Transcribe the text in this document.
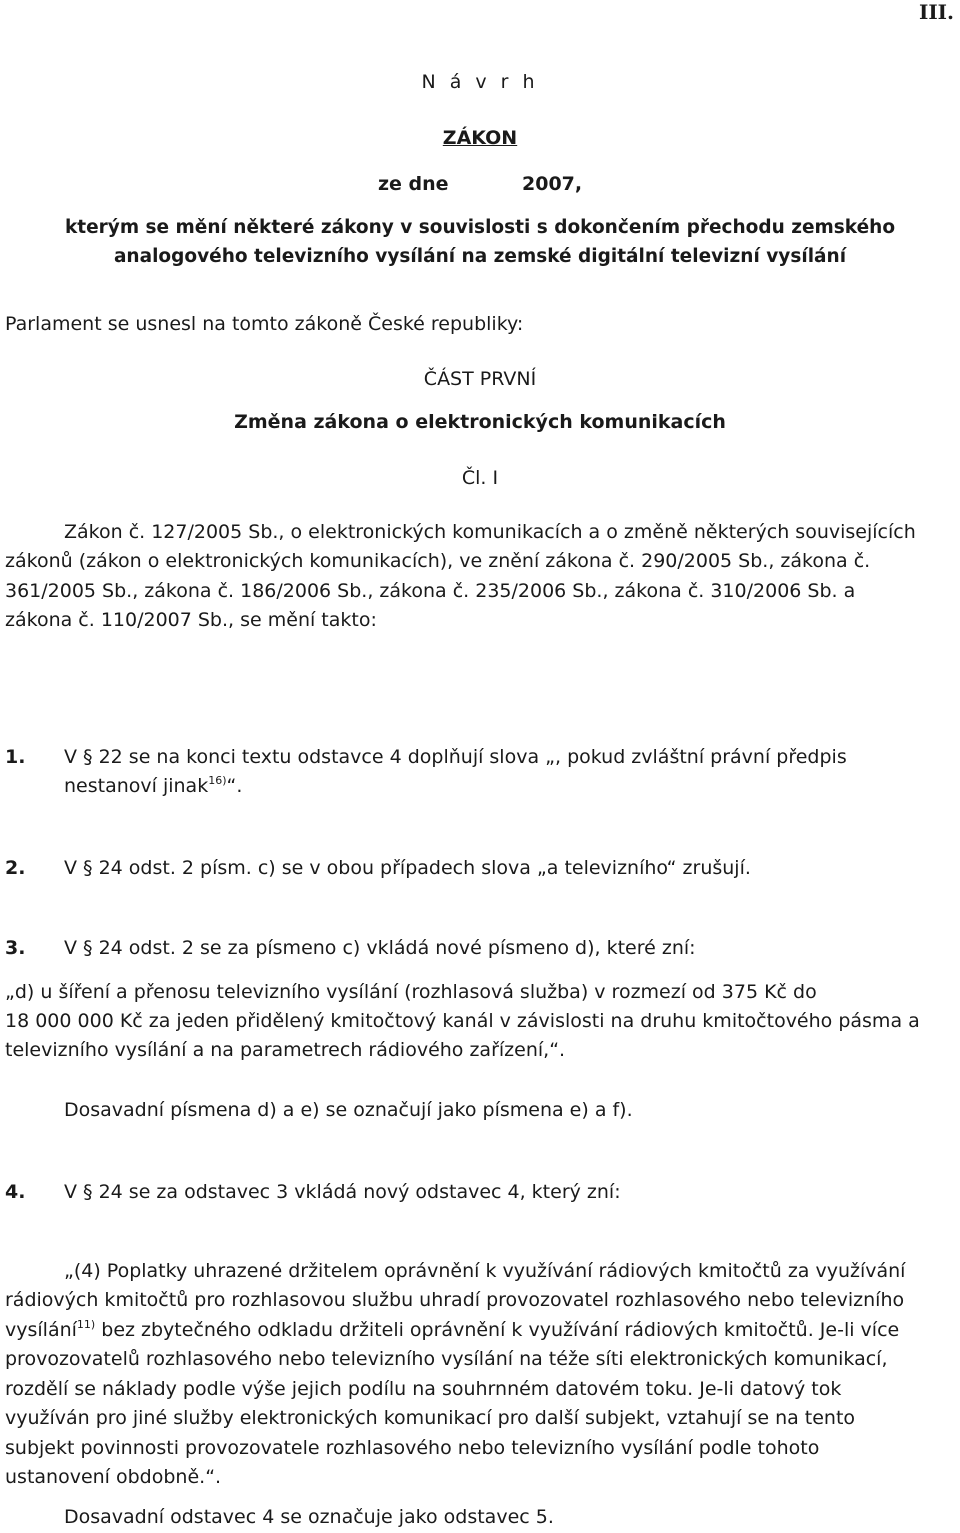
III.
N á v r h
ZÁKON
ze dne	2007,
kterým se mění některé zákony v souvislosti s dokončením přechodu zemského
analogového televizního vysílání na zemské digitální televizní vysílání
Parlament se usnesl na tomto zákoně České republiky:
ČÁST PRVNÍ
Změna zákona o elektronických komunikacích
Čl. I
Zákon č. 127/2005 Sb., o elektronických komunikacích a o změně některých souvisejících
zákonů (zákon o elektronických komunikacích), ve znění zákona č. 290/2005 Sb., zákona č.
361/2005 Sb., zákona č. 186/2006 Sb., zákona č. 235/2006 Sb., zákona č. 310/2006 Sb. a
zákona č. 110/2007 Sb., se mění takto:
1. V § 22 se na konci textu odstavce 4 doplňují slova „, pokud zvláštní právní předpis
nestanoví jinak$^{16)}$“.
2. V § 24 odst. 2 písm. c) se v obou případech slova „a televizního“ zrušují.
3. V § 24 odst. 2 se za písmeno c) vkládá nové písmeno d), které zní:
„d) u šíření a přenosu televizního vysílání (rozhlasová služba) v rozmezí od 375 Kč do
18 000 000 Kč za jeden přidělený kmitočtový kanál v závislosti na druhu kmitočtového pásma a
televizního vysílání a na parametrech rádiového zařízení,“.
Dosavadní písmena d) a e) se označují jako písmena e) a f).
4. V § 24 se za odstavec 3 vkládá nový odstavec 4, který zní:
„(4) Poplatky uhrazené držitelem oprávnění k využívání rádiových kmitočtů za využívání
rádiových kmitočtů pro rozhlasovou službu uhradí provozovatel rozhlasového nebo televizního
vysílání$^{11)}$ bez zbytečného odkladu držiteli oprávnění k využívání rádiových kmitočtů. Je-li více
provozovatelů rozhlasového nebo televizního vysílání na téže síti elektronických komunikací,
rozdělí se náklady podle výše jejich podílu na souhrnném datovém toku. Je-li datový tok
využíván pro jiné služby elektronických komunikací pro další subjekt, vztahují se na tento
subjekt povinnosti provozovatele rozhlasového nebo televizního vysílání podle tohoto
ustanovení obdobně.“.
Dosavadní odstavec 4 se označuje jako odstavec 5.
